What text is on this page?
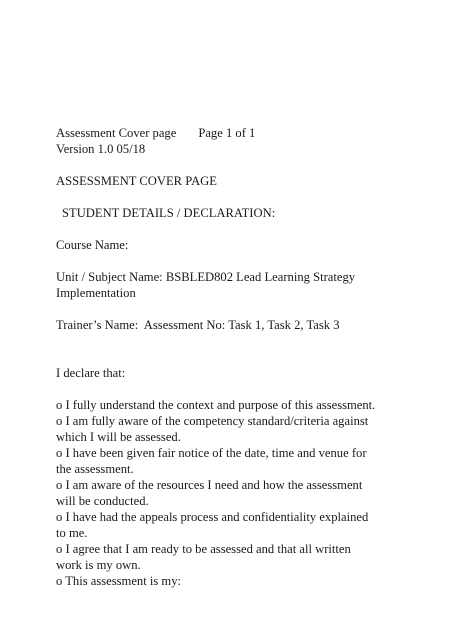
Assessment Cover page Page 1 of 1
Version 1.0 05/18
ASSESSMENT COVER PAGE
STUDENT DETAILS / DECLARATION:
Course Name:
Unit / Subject Name: BSBLED802 Lead Learning Strategy
Implementation
Trainer’s Name:  Assessment No: Task 1, Task 2, Task 3
I declare that:
o I fully understand the context and purpose of this assessment.
o I am fully aware of the competency standard/criteria against
which I will be assessed.
o I have been given fair notice of the date, time and venue for
the assessment.
o I am aware of the resources I need and how the assessment
will be conducted.
o I have had the appeals process and confidentiality explained
to me.
o I agree that I am ready to be assessed and that all written
work is my own.
o This assessment is my:
